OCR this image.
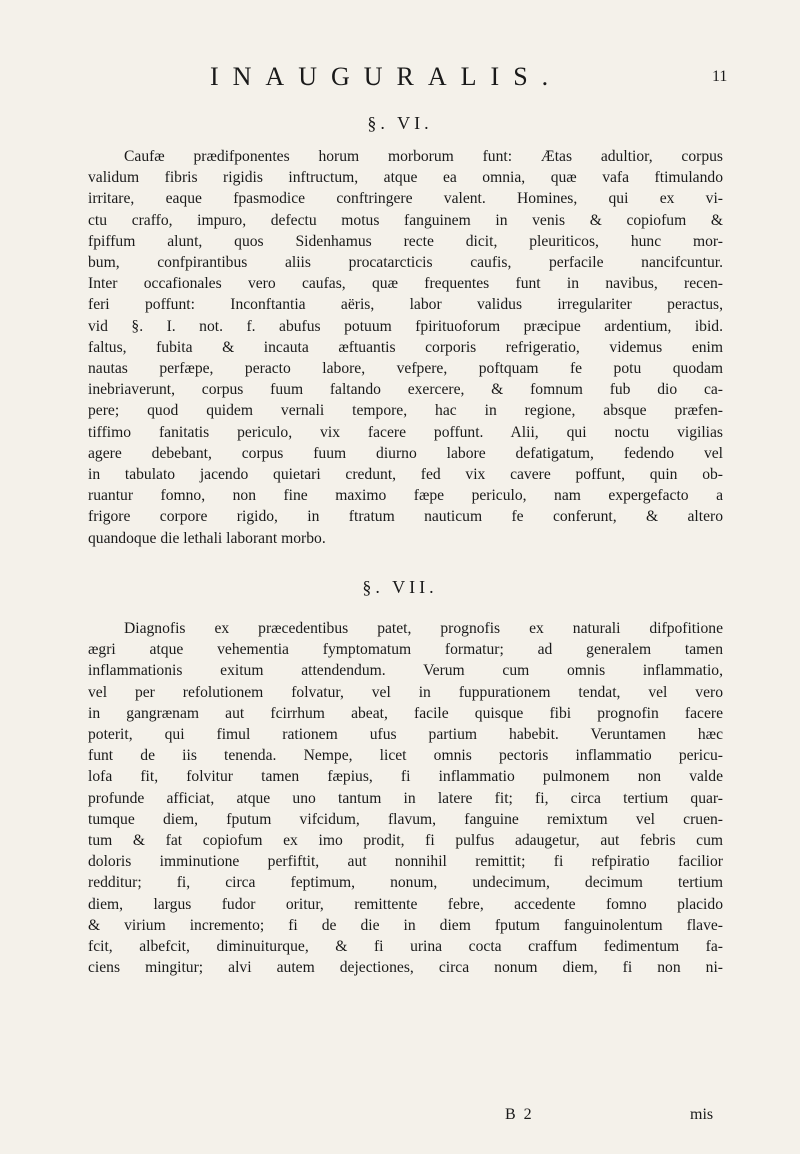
INAUGURALIS.	11
§. VI.

Caufæ prædifponentes horum morborum funt: Ætas adultior, corpus
validum fibris rigidis inftructum, atque ea omnia, quæ vafa ftimulando
irritare, eaque fpasmodice conftringere valent. Homines, qui ex vi-
ctu craffo, impuro, defectu motus fanguinem in venis & copiofum &
fpiffum alunt, quos Sidenhamus recte dicit, pleuriticos, hunc mor-
bum, confpirantibus aliis procatarcticis caufis, perfacile nancifcuntur.
Inter occafionales vero caufas, quæ frequentes funt in navibus, recen-
feri poffunt: Inconftantia aëris, labor validus irregulariter peractus,
vid §. I. not. f. abufus potuum fpirituoforum præcipue ardentium, ibid.
faltus, fubita & incauta æftuantis corporis refrigeratio, videmus enim
nautas perfæpe, peracto labore, vefpere, poftquam fe potu quodam
inebriaverunt, corpus fuum faltando exercere, & fomnum fub dio ca-
pere; quod quidem vernali tempore, hac in regione, absque præfen-
tiffimo fanitatis periculo, vix facere poffunt. Alii, qui noctu vigilias
agere debebant, corpus fuum diurno labore defatigatum, fedendo vel
in tabulato jacendo quietari credunt, fed vix cavere poffunt, quin ob-
ruantur fomno, non fine maximo fæpe periculo, nam expergefacto a
frigore corpore rigido, in ftratum nauticum fe conferunt, & altero
quandoque die lethali laborant morbo.

§. VII.

Diagnofis ex præcedentibus patet, prognofis ex naturali difpofitione
ægri atque vehementia fymptomatum formatur; ad generalem tamen
inflammationis exitum attendendum. Verum cum omnis inflammatio,
vel per refolutionem folvatur, vel in fuppurationem tendat, vel vero
in gangrænam aut fcirrhum abeat, facile quisque fibi prognofin facere
poterit, qui fimul rationem ufus partium habebit. Veruntamen hæc
funt de iis tenenda. Nempe, licet omnis pectoris inflammatio pericu-
lofa fit, folvitur tamen fæpius, fi inflammatio pulmonem non valde
profunde afficiat, atque uno tantum in latere fit; fi, circa tertium quar-
tumque diem, fputum vifcidum, flavum, fanguine remixtum vel cruen-
tum & fat copiofum ex imo prodit, fi pulfus adaugetur, aut febris cum
doloris imminutione perfiftit, aut nonnihil remittit; fi refpiratio facilior
redditur; fi, circa feptimum, nonum, undecimum, decimum tertium
diem, largus fudor oritur, remittente febre, accedente fomno placido
& virium incremento; fi de die in diem fputum fanguinolentum flave-
fcit, albefcit, diminuiturque, & fi urina cocta craffum fedimentum fa-
ciens mingitur; alvi autem dejectiones, circa nonum diem, fi non ni-

B 2	mis
